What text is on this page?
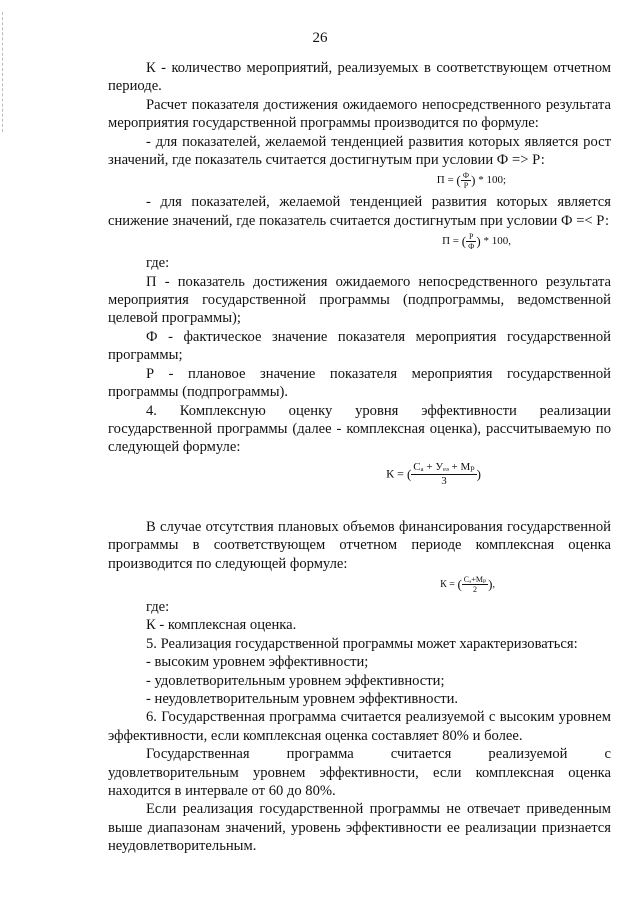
26

К - количество мероприятий, реализуемых в соответствующем отчетном периоде.

Расчет показателя достижения ожидаемого непосредственного результата мероприятия государственной программы производится по формуле:

- для показателей, желаемой тенденцией развития которых является рост значений, где показатель считается достигнутым при условии Ф => Р:

П = ( $\frac{Ф}{Р}$ ) * 100;

- для показателей, желаемой тенденцией развития которых является снижение значений, где показатель считается достигнутым при условии Ф =< Р:

П = ( $\frac{Р}{Ф}$ ) * 100,

где:

П - показатель достижения ожидаемого непосредственного результата мероприятия государственной программы (подпрограммы, ведомственной целевой программы);

Ф - фактическое значение показателя мероприятия государственной программы;

Р - плановое значение показателя мероприятия государственной программы (подпрограммы).

4. Комплексную оценку уровня эффективности реализации государственной программы (далее - комплексная оценка), рассчитываемую по следующей формуле:

К = ( $\frac{\text{Сₐ + Уₑₔ + Мₚ}}{3}$ )

В случае отсутствия плановых объемов финансирования государственной программы в соответствующем отчетном периоде комплексная оценка производится по следующей формуле:

К = ( $\frac{\text{Сₐ+Мₚ}}{2}$ ),

где:

К - комплексная оценка.

5. Реализация государственной программы может характеризоваться:

- высоким уровнем эффективности;

- удовлетворительным уровнем эффективности;

- неудовлетворительным уровнем эффективности.

6. Государственная программа считается реализуемой с высоким уровнем эффективности, если комплексная оценка составляет 80% и более.

Государственная программа считается реализуемой с удовлетворительным уровнем эффективности, если комплексная оценка находится в интервале от 60 до 80%.

Если реализация государственной программы не отвечает приведенным выше диапазонам значений, уровень эффективности ее реализации признается неудовлетворительным.
